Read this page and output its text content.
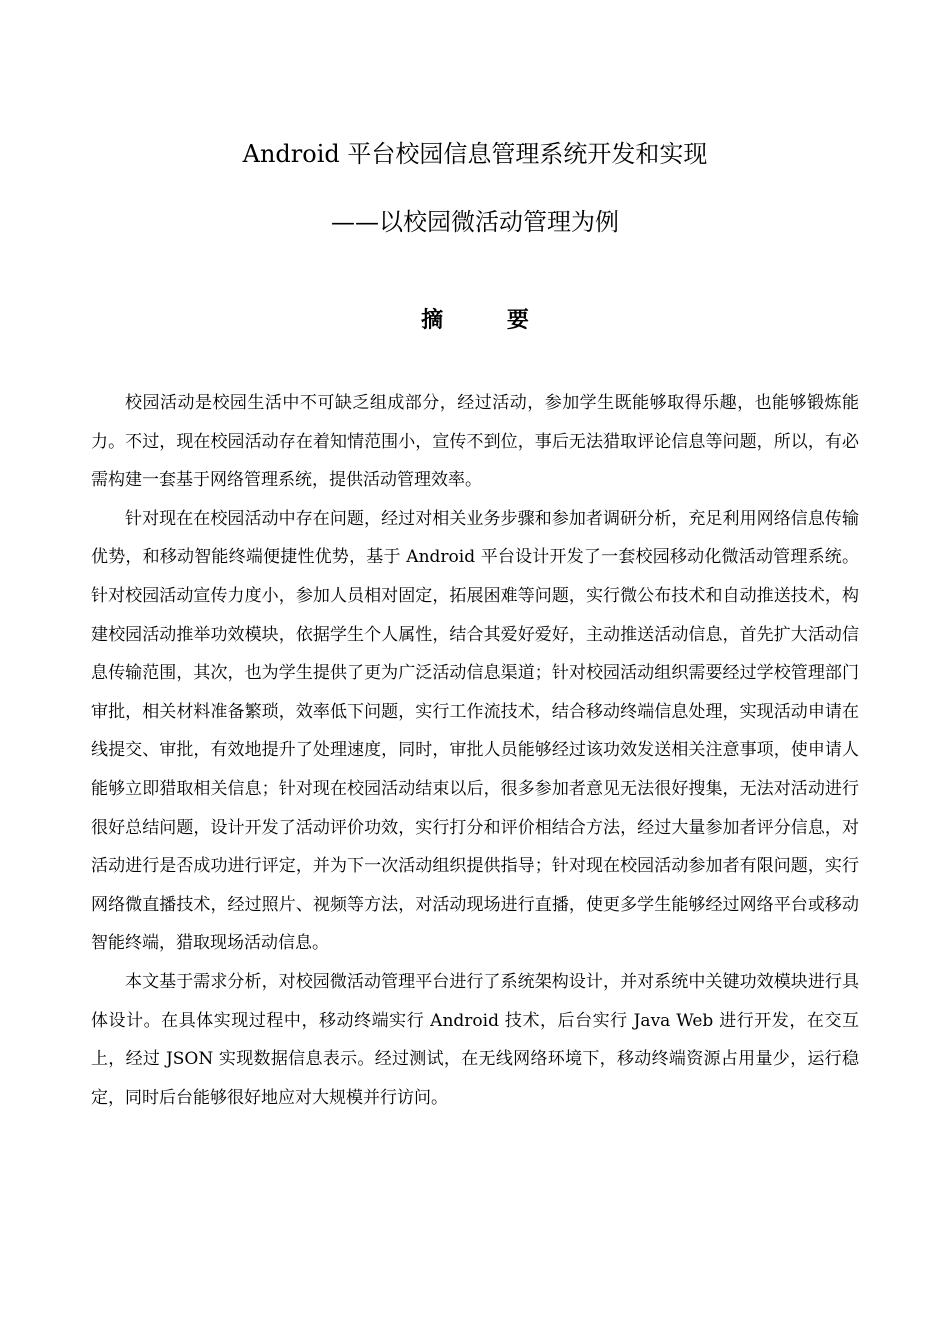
Android 平台校园信息管理系统开发和实现
——以校园微活动管理为例
摘 要

校园活动是校园生活中不可缺乏组成部分，经过活动，参加学生既能够取得乐趣，也能够锻炼能力。不过，现在校园活动存在着知情范围小，宣传不到位，事后无法猎取评论信息等问题，所以，有必需构建一套基于网络管理系统，提供活动管理效率。

针对现在在校园活动中存在问题，经过对相关业务步骤和参加者调研分析，充足利用网络信息传输优势，和移动智能终端便捷性优势，基于 Android 平台设计开发了一套校园移动化微活动管理系统。针对校园活动宣传力度小，参加人员相对固定，拓展困难等问题，实行微公布技术和自动推送技术，构建校园活动推举功效模块，依据学生个人属性，结合其爱好爱好，主动推送活动信息，首先扩大活动信息传输范围，其次，也为学生提供了更为广泛活动信息渠道；针对校园活动组织需要经过学校管理部门审批，相关材料准备繁琐，效率低下问题，实行工作流技术，结合移动终端信息处理，实现活动申请在线提交、审批，有效地提升了处理速度，同时，审批人员能够经过该功效发送相关注意事项，使申请人能够立即猎取相关信息；针对现在校园活动结束以后，很多参加者意见无法很好搜集，无法对活动进行很好总结问题，设计开发了活动评价功效，实行打分和评价相结合方法，经过大量参加者评分信息，对活动进行是否成功进行评定，并为下一次活动组织提供指导；针对现在校园活动参加者有限问题，实行网络微直播技术，经过照片、视频等方法，对活动现场进行直播，使更多学生能够经过网络平台或移动智能终端，猎取现场活动信息。

本文基于需求分析，对校园微活动管理平台进行了系统架构设计，并对系统中关键功效模块进行具体设计。在具体实现过程中，移动终端实行 Android 技术，后台实行 Java Web 进行开发，在交互上，经过 JSON 实现数据信息表示。经过测试，在无线网络环境下，移动终端资源占用量少，运行稳定，同时后台能够很好地应对大规模并行访问。
